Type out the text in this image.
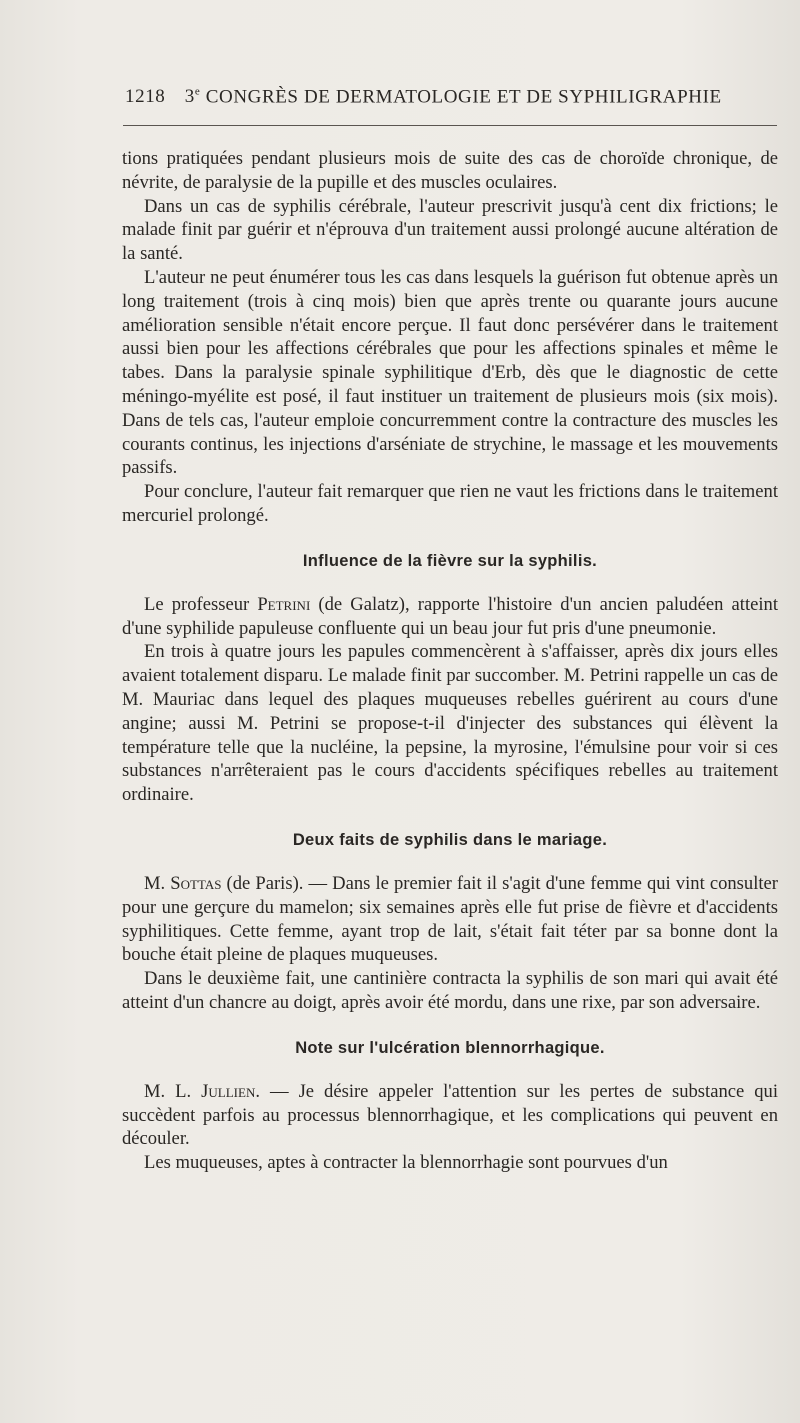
1218 3e CONGRÈS DE DERMATOLOGIE ET DE SYPHILIGRAPHIE

tions pratiquées pendant plusieurs mois de suite des cas de choroïde chronique, de névrite, de paralysie de la pupille et des muscles oculaires.

Dans un cas de syphilis cérébrale, l'auteur prescrivit jusqu'à cent dix frictions; le malade finit par guérir et n'éprouva d'un traitement aussi prolongé aucune altération de la santé.

L'auteur ne peut énumérer tous les cas dans lesquels la guérison fut obtenue après un long traitement (trois à cinq mois) bien que après trente ou quarante jours aucune amélioration sensible n'était encore perçue. Il faut donc persévérer dans le traitement aussi bien pour les affections cérébrales que pour les affections spinales et même le tabes. Dans la paralysie spinale syphilitique d'Erb, dès que le diagnostic de cette méningo-myélite est posé, il faut instituer un traitement de plusieurs mois (six mois). Dans de tels cas, l'auteur emploie concurremment contre la contracture des muscles les courants continus, les injections d'arséniate de strychine, le massage et les mouvements passifs.

Pour conclure, l'auteur fait remarquer que rien ne vaut les frictions dans le traitement mercuriel prolongé.

Influence de la fièvre sur la syphilis.

Le professeur Petrini (de Galatz), rapporte l'histoire d'un ancien paludéen atteint d'une syphilide papuleuse confluente qui un beau jour fut pris d'une pneumonie.

En trois à quatre jours les papules commencèrent à s'affaisser, après dix jours elles avaient totalement disparu. Le malade finit par succomber. M. Petrini rappelle un cas de M. Mauriac dans lequel des plaques muqueuses rebelles guérirent au cours d'une angine; aussi M. Petrini se propose-t-il d'injecter des substances qui élèvent la température telle que la nucléine, la pepsine, la myrosine, l'émulsine pour voir si ces substances n'arrêteraient pas le cours d'accidents spécifiques rebelles au traitement ordinaire.

Deux faits de syphilis dans le mariage.

M. Sottas (de Paris). — Dans le premier fait il s'agit d'une femme qui vint consulter pour une gerçure du mamelon; six semaines après elle fut prise de fièvre et d'accidents syphilitiques. Cette femme, ayant trop de lait, s'était fait téter par sa bonne dont la bouche était pleine de plaques muqueuses.

Dans le deuxième fait, une cantinière contracta la syphilis de son mari qui avait été atteint d'un chancre au doigt, après avoir été mordu, dans une rixe, par son adversaire.

Note sur l'ulcération blennorrhagique.

M. L. Jullien. — Je désire appeler l'attention sur les pertes de substance qui succèdent parfois au processus blennorrhagique, et les complications qui peuvent en découler.

Les muqueuses, aptes à contracter la blennorrhagie sont pourvues d'un
